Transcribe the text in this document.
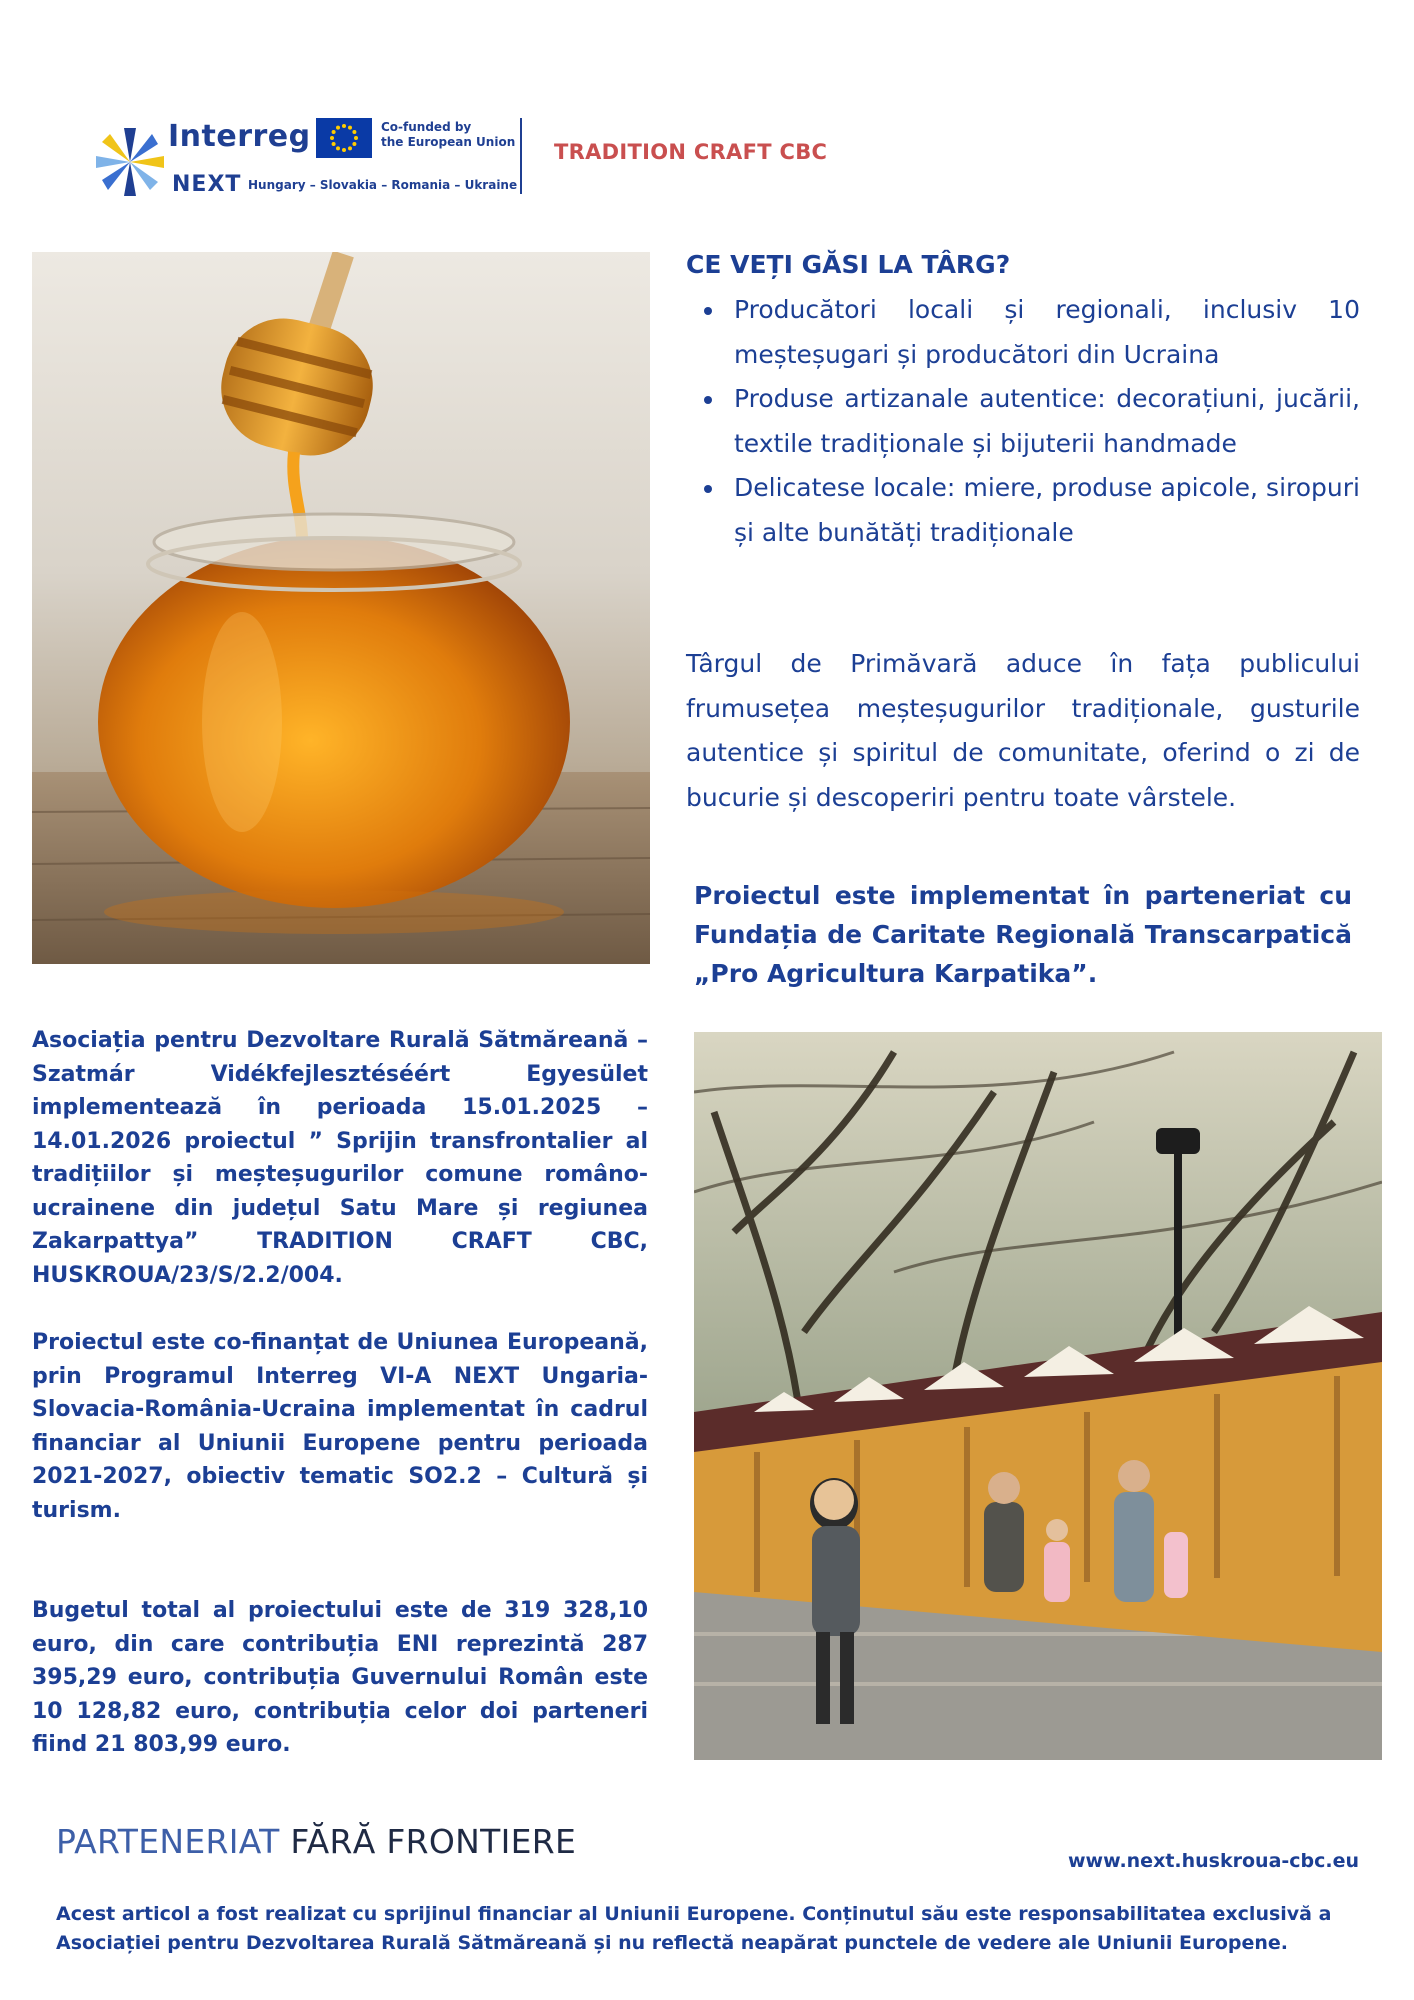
Interreg	Co-funded by
the European Union
NEXT Hungary – Slovakia – Romania – Ukraine
TRADITION CRAFT CBC
CE VEȚI GĂSI LA TÂRG?
Producători locali și regionali, inclusiv 10 meșteșugari și producători din Ucraina
Produse artizanale autentice: decorațiuni, jucării, textile tradiționale și bijuterii handmade
Delicatese locale: miere, produse apicole, siropuri și alte bunătăți tradiționale
Târgul de Primăvară aduce în fața publicului frumusețea meșteșugurilor tradiționale, gusturile autentice și spiritul de comunitate, oferind o zi de bucurie și descoperiri pentru toate vârstele.
Proiectul este implementat în parteneriat cu Fundația de Caritate Regională Transcarpatică „Pro Agricultura Karpatika”.
Asociația pentru Dezvoltare Rurală Sătmăreană – Szatmár Vidékfejlesztéséért Egyesület implementează în perioada 15.01.2025 – 14.01.2026 proiectul ” Sprijin transfrontalier al tradițiilor și meșteșugurilor comune româno-ucrainene din județul Satu Mare și regiunea Zakarpattya” TRADITION CRAFT CBC, HUSKROUA/23/S/2.2/004.
Proiectul este co-finanțat de Uniunea Europeană, prin Programul Interreg VI-A NEXT Ungaria-Slovacia-România-Ucraina implementat în cadrul financiar al Uniunii Europene pentru perioada 2021-2027, obiectiv tematic SO2.2 – Cultură și turism.
Bugetul total al proiectului este de 319 328,10 euro, din care contribuția ENI reprezintă 287 395,29 euro, contribuția Guvernului Român este 10 128,82 euro, contribuția celor doi parteneri fiind 21 803,99 euro.
PARTENERIAT FĂRĂ FRONTIERE	www.next.huskroua-cbc.eu
Acest articol a fost realizat cu sprijinul financiar al Uniunii Europene. Conținutul său este responsabilitatea exclusivă a Asociației pentru Dezvoltarea Rurală Sătmăreană și nu reflectă neapărat punctele de vedere ale Uniunii Europene.
